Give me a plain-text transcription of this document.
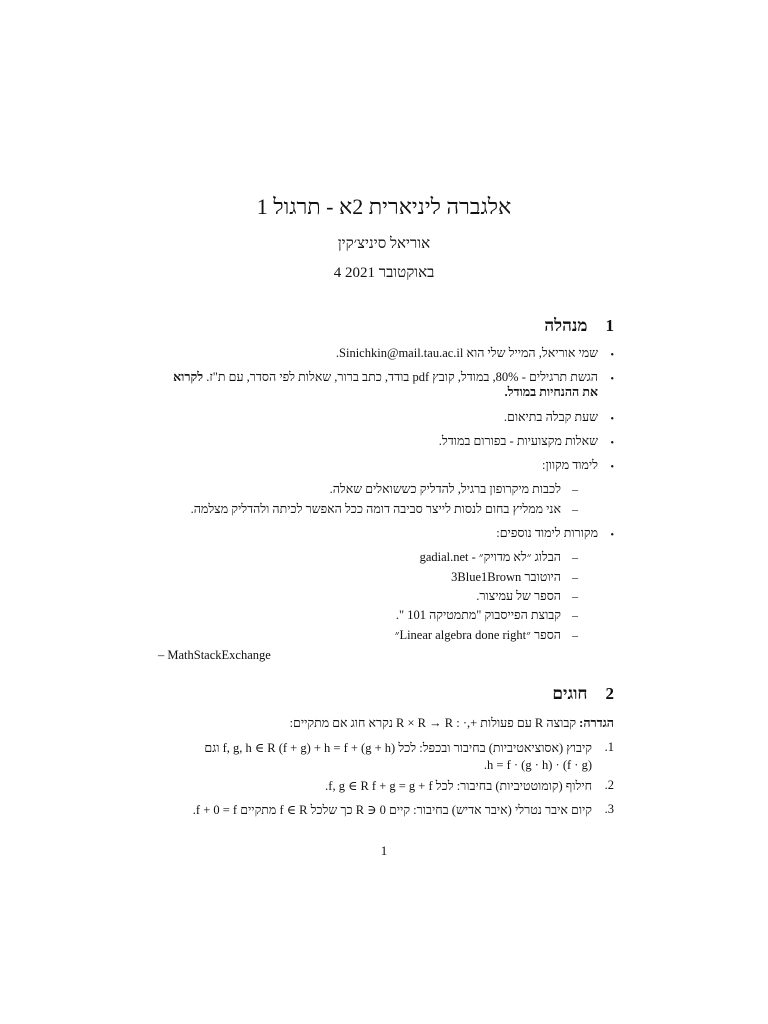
אלגברה ליניארית 2א - תרגול 1
אוריאל סיניצ׳קין
4 באוקטובר 2021
1מנהלה
•
שמי אוריאל, המייל שלי הוא Sinichkin@mail.tau.ac.il.
•
הגשת תרגילים - 80%, במודל, קובץ pdf בודד, כתב ברור, שאלות לפי הסדר, עם ת"ז. לקרוא
את ההנחיות במודל.
•
שעת קבלה בתיאום.
•
שאלות מקצועיות - בפורום במודל.
•
לימוד מקוון:
–
לכבות מיקרופון ברגיל, להדליק כששואלים שאלה.
–
אני ממליץ בחום לנסות לייצר סביבה דומה ככל האפשר לכיתה ולהדליק מצלמה.
•
מקורות לימוד נוספים:
–
הבלוג ״לא מדויק״ - gadial.net
–
היוטובר 3Blue1Brown
–
הספר של עמיצור.
–
קבוצת הפייסבוק "מתמטיקה 101 ".
–
הספר ״Linear algebra done right״
– MathStackExchange
2חוגים
הגדרה: קבוצה R עם פעולות +,· : R × R → R נקרא חוג אם מתקיים:
1.
קיבוץ (אסוציאטיביות) בחיבור ובכפל: לכל f, g, h ∈ R (f + g) + h = f + (g + h) וגם
(f · g) · h = f · (g · h).
2.
חילוף (קומוטטיביות) בחיבור: לכל f, g ∈ R f + g = g + f.
3.
קיום איבר נטרלי (איבר אדיש) בחיבור: קיים 0 ∈ R כך שלכל f ∈ R מתקיים f + 0 = f.
1
